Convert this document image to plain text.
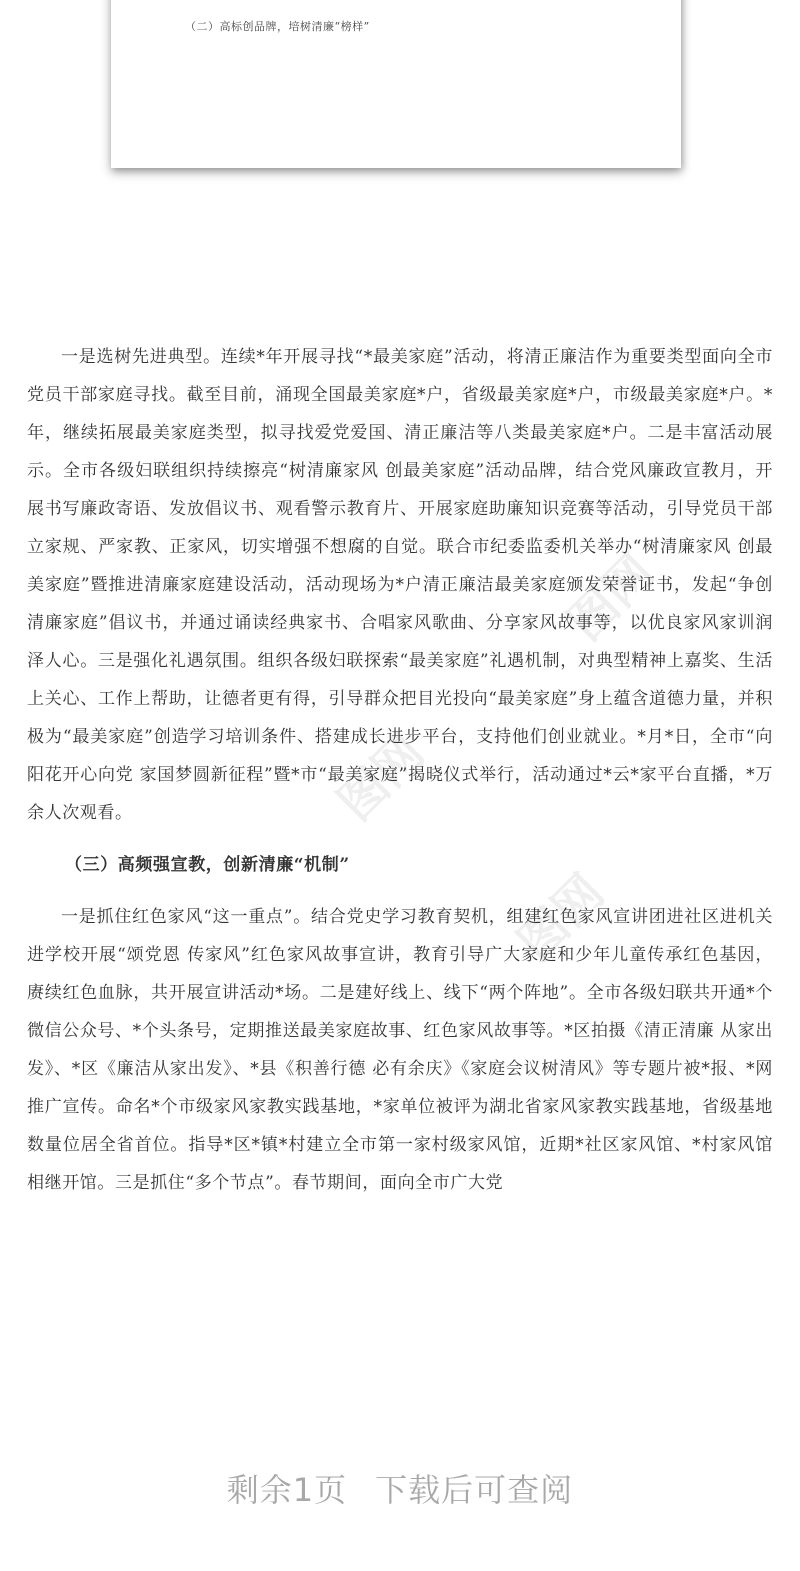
（二）高标创品牌，培树清廉“榜样”
图网
图网
图网

一是选树先进典型。连续*年开展寻找“*最美家庭”活动，将清正廉洁作为重要类型面向全市党员干部家庭寻找。截至目前，涌现全国最美家庭*户，省级最美家庭*户，市级最美家庭*户。*年，继续拓展最美家庭类型，拟寻找爱党爱国、清正廉洁等八类最美家庭*户。二是丰富活动展示。全市各级妇联组织持续擦亮“树清廉家风 创最美家庭”活动品牌，结合党风廉政宣教月，开展书写廉政寄语、发放倡议书、观看警示教育片、开展家庭助廉知识竞赛等活动，引导党员干部立家规、严家教、正家风，切实增强不想腐的自觉。联合市纪委监委机关举办“树清廉家风 创最美家庭”暨推进清廉家庭建设活动，活动现场为*户清正廉洁最美家庭颁发荣誉证书，发起“争创清廉家庭”倡议书，并通过诵读经典家书、合唱家风歌曲、分享家风故事等，以优良家风家训润泽人心。三是强化礼遇氛围。组织各级妇联探索“最美家庭”礼遇机制，对典型精神上嘉奖、生活上关心、工作上帮助，让德者更有得，引导群众把目光投向“最美家庭”身上蕴含道德力量，并积极为“最美家庭”创造学习培训条件、搭建成长进步平台，支持他们创业就业。*月*日，全市“向阳花开心向党 家国梦圆新征程”暨*市“最美家庭”揭晓仪式举行，活动通过*云*家平台直播，*万余人次观看。

（三）高频强宣教，创新清廉“机制”

一是抓住红色家风“这一重点”。结合党史学习教育契机，组建红色家风宣讲团进社区进机关进学校开展“颂党恩 传家风”红色家风故事宣讲，教育引导广大家庭和少年儿童传承红色基因，赓续红色血脉，共开展宣讲活动*场。二是建好线上、线下“两个阵地”。全市各级妇联共开通*个微信公众号、*个头条号，定期推送最美家庭故事、红色家风故事等。*区拍摄《清正清廉 从家出发》、*区《廉洁从家出发》、*县《积善行德 必有余庆》《家庭会议树清风》等专题片被*报、*网推广宣传。命名*个市级家风家教实践基地，*家单位被评为湖北省家风家教实践基地，省级基地数量位居全省首位。指导*区*镇*村建立全市第一家村级家风馆，近期*社区家风馆、*村家风馆相继开馆。三是抓住“多个节点”。春节期间，面向全市广大党

剩余1页 下载后可查阅
